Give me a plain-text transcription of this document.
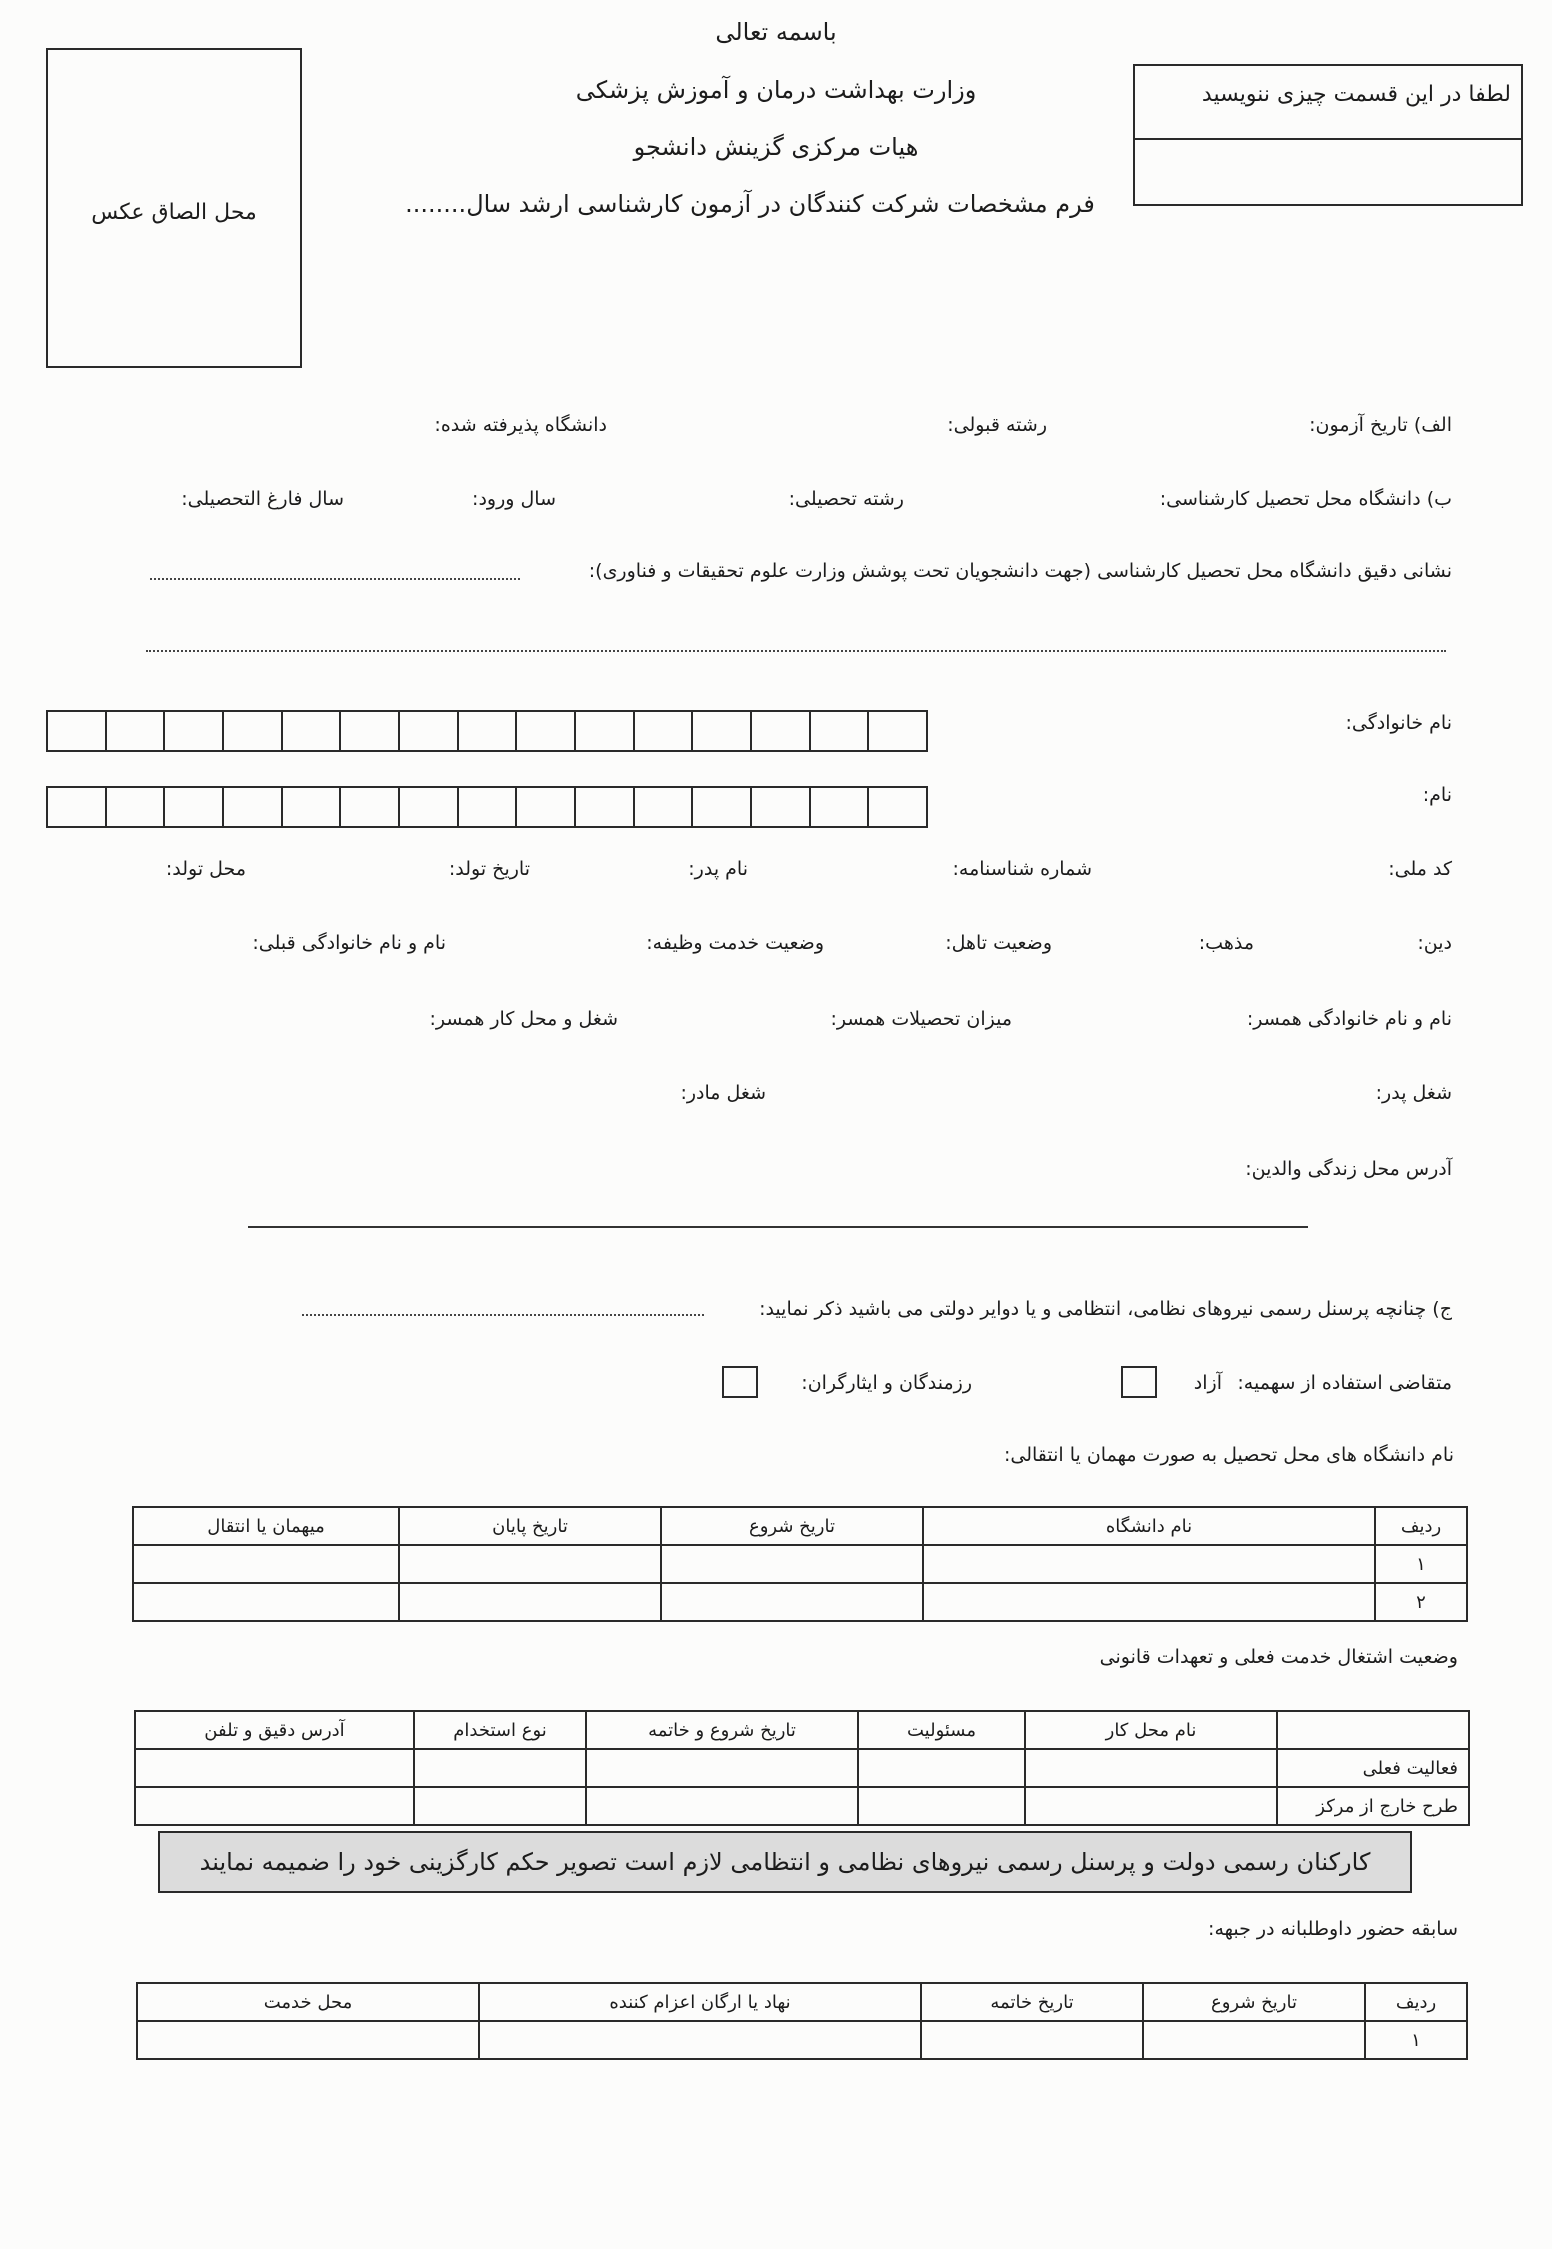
باسمه تعالی
وزارت بهداشت درمان و آموزش پزشکی
هیات مرکزی گزینش دانشجو
فرم مشخصات شرکت کنندگان در آزمون کارشناسی ارشد سال........
محل الصاق عکس
لطفا در این قسمت چیزی ننویسید
الف) تاریخ آزمون:
رشته قبولی:
دانشگاه پذیرفته شده:
ب) دانشگاه محل تحصیل کارشناسی:
رشته تحصیلی:
سال ورود:
سال فارغ التحصیلی:
نشانی دقیق دانشگاه محل تحصیل کارشناسی (جهت دانشجویان تحت پوشش وزارت علوم تحقیقات و فناوری):
نام خانوادگی:
نام:
کد ملی:
شماره شناسنامه:
نام پدر:
تاریخ تولد:
محل تولد:
دین:
مذهب:
وضعیت تاهل:
وضعیت خدمت وظیفه:
نام و نام خانوادگی قبلی:
نام و نام خانوادگی همسر:
میزان تحصیلات همسر:
شغل و محل کار همسر:
شغل پدر:
شغل مادر:
آدرس محل زندگی والدین:
ج) چنانچه پرسنل رسمی نیروهای نظامی، انتظامی و یا دوایر دولتی می باشید ذکر نمایید:
متقاضی استفاده از سهمیه:
آزاد
رزمندگان و ایثارگران:
نام دانشگاه های محل تحصیل به صورت مهمان یا انتقالی:
ردیف	نام دانشگاه	تاریخ شروع	تاریخ پایان	میهمان یا انتقال
۱				
۲				
وضعیت اشتغال خدمت فعلی و تعهدات قانونی
	نام محل کار	مسئولیت	تاریخ شروع و خاتمه	نوع استخدام	آدرس دقیق و تلفن
فعالیت فعلی					
طرح خارج از مرکز					
کارکنان رسمی دولت و پرسنل رسمی نیروهای نظامی و انتظامی لازم است تصویر حکم کارگزینی خود را ضمیمه نمایند
سابقه حضور داوطلبانه در جبهه:
ردیف	تاریخ شروع	تاریخ خاتمه	نهاد یا ارگان اعزام کننده	محل خدمت
۱				
